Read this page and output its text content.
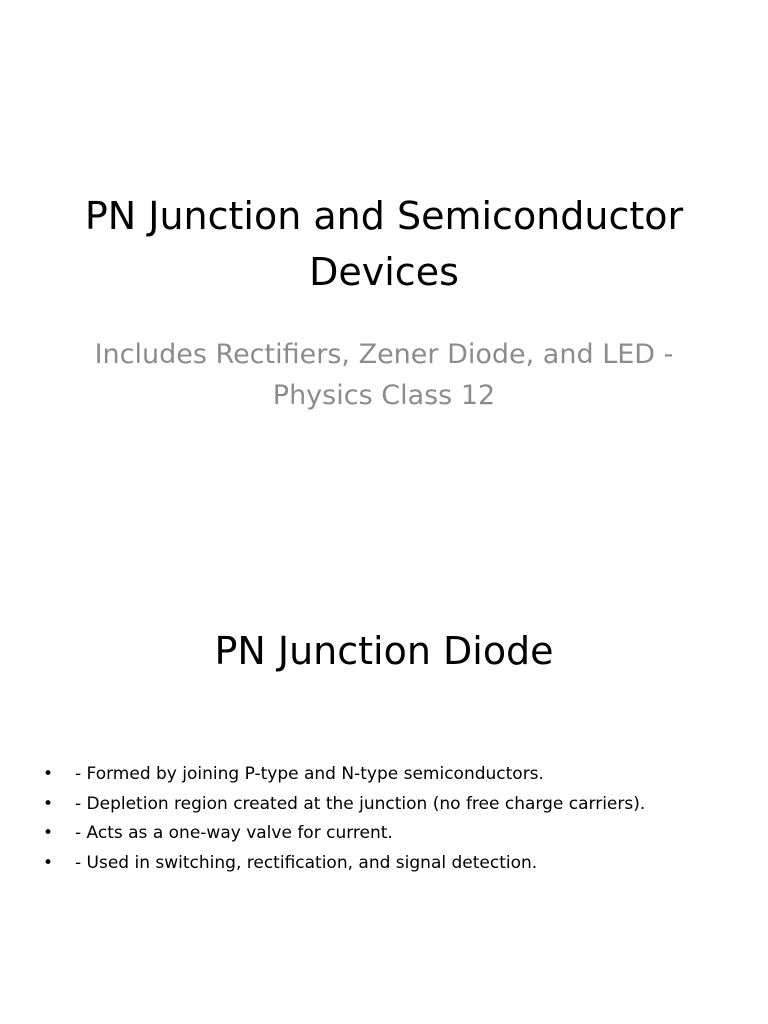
PN Junction and Semiconductor Devices
Includes Rectifiers, Zener Diode, and LED - Physics Class 12
PN Junction Diode
• - Formed by joining P-type and N-type semiconductors.
• - Depletion region created at the junction (no free charge carriers).
• - Acts as a one-way valve for current.
• - Used in switching, rectification, and signal detection.
